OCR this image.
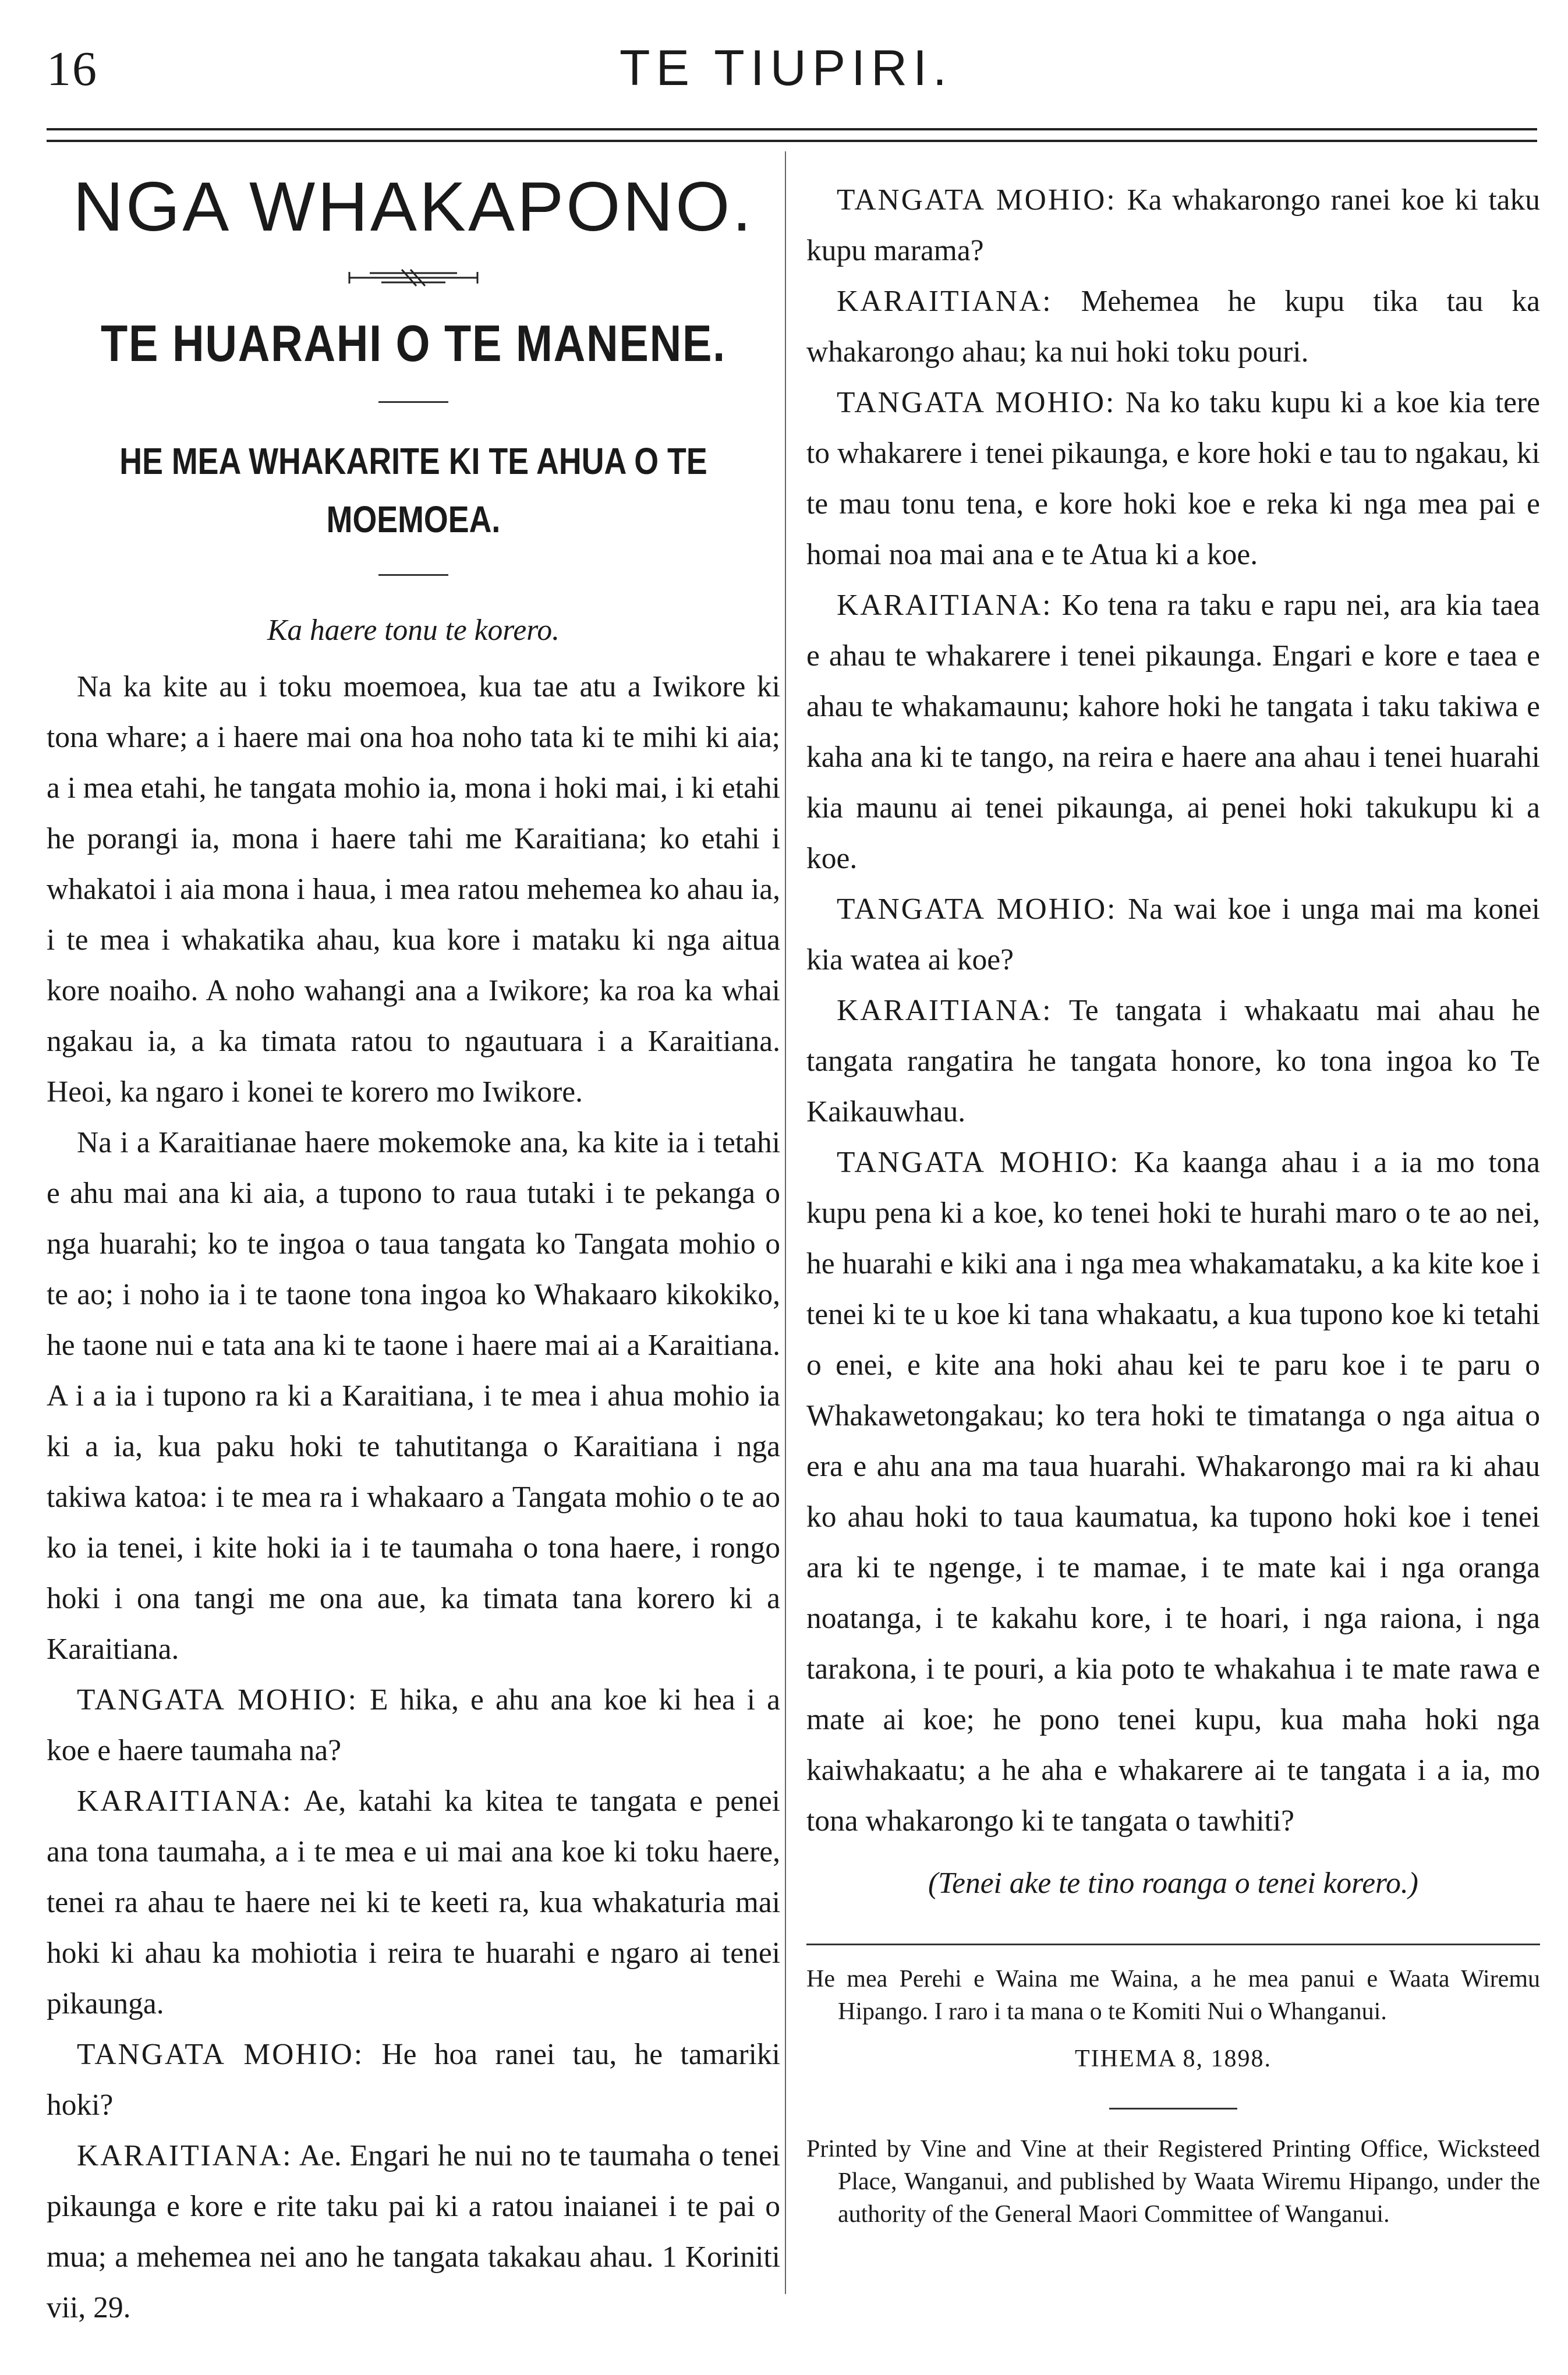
16	TE TIUPIRI.
NGA WHAKAPONO.
TE HUARAHI O TE MANENE.
HE MEA WHAKARITE KI TE AHUA O TE MOEMOEA.
Ka haere tonu te korero.

Na ka kite au i toku moemoea, kua tae atu a Iwikore ki tona whare; a i haere mai ona hoa noho tata ki te mihi ki aia; a i mea etahi, he tangata mohio ia, mona i hoki mai, i ki etahi he porangi ia, mona i haere tahi me Karaitiana; ko etahi i whakatoi i aia mona i haua, i mea ratou mehemea ko ahau ia, i te mea i whakatika ahau, kua kore i mataku ki nga aitua kore noaiho. A noho wahangi ana a Iwikore; ka roa ka whai ngakau ia, a ka timata ratou to ngautuara i a Karaitiana. Heoi, ka ngaro i konei te korero mo Iwikore.

Na i a Karaitianae haere mokemoke ana, ka kite ia i tetahi e ahu mai ana ki aia, a tupono to raua tutaki i te pekanga o nga huarahi; ko te ingoa o taua tangata ko Tangata mohio o te ao; i noho ia i te taone tona ingoa ko Whakaaro kikokiko, he taone nui e tata ana ki te taone i haere mai ai a Karaitiana. A i a ia i tupono ra ki a Karaitiana, i te mea i ahua mohio ia ki a ia, kua paku hoki te tahutitanga o Karaitiana i nga takiwa katoa: i te mea ra i whakaaro a Tangata mohio o te ao ko ia tenei, i kite hoki ia i te taumaha o tona haere, i rongo hoki i ona tangi me ona aue, ka timata tana korero ki a Karaitiana.

TANGATA MOHIO: E hika, e ahu ana koe ki hea i a koe e haere taumaha na?

KARAITIANA: Ae, katahi ka kitea te tangata e penei ana tona taumaha, a i te mea e ui mai ana koe ki toku haere, tenei ra ahau te haere nei ki te keeti ra, kua whakaturia mai hoki ki ahau ka mohiotia i reira te huarahi e ngaro ai tenei pikaunga.

TANGATA MOHIO: He hoa ranei tau, he tamariki hoki?

KARAITIANA: Ae. Engari he nui no te taumaha o tenei pikaunga e kore e rite taku pai ki a ratou inaianei i te pai o mua; a mehemea nei ano he tangata takakau ahau. 1 Koriniti vii, 29.

TANGATA MOHIO: Ka whakarongo ranei koe ki taku kupu marama?

KARAITIANA: Mehemea he kupu tika tau ka whakarongo ahau; ka nui hoki toku pouri.

TANGATA MOHIO: Na ko taku kupu ki a koe kia tere to whakarere i tenei pikaunga, e kore hoki e tau to ngakau, ki te mau tonu tena, e kore hoki koe e reka ki nga mea pai e homai noa mai ana e te Atua ki a koe.

KARAITIANA: Ko tena ra taku e rapu nei, ara kia taea e ahau te whakarere i tenei pikaunga. Engari e kore e taea e ahau te whakamaunu; kahore hoki he tangata i taku takiwa e kaha ana ki te tango, na reira e haere ana ahau i tenei huarahi kia maunu ai tenei pikaunga, ai penei hoki takukupu ki a koe.

TANGATA MOHIO: Na wai koe i unga mai ma konei kia watea ai koe?

KARAITIANA: Te tangata i whakaatu mai ahau he tangata rangatira he tangata honore, ko tona ingoa ko Te Kaikauwhau.

TANGATA MOHIO: Ka kaanga ahau i a ia mo tona kupu pena ki a koe, ko tenei hoki te hurahi maro o te ao nei, he huarahi e kiki ana i nga mea whakamataku, a ka kite koe i tenei ki te u koe ki tana whakaatu, a kua tupono koe ki tetahi o enei, e kite ana hoki ahau kei te paru koe i te paru o Whakawetongakau; ko tera hoki te timatanga o nga aitua o era e ahu ana ma taua huarahi. Whakarongo mai ra ki ahau ko ahau hoki to taua kaumatua, ka tupono hoki koe i tenei ara ki te ngenge, i te mamae, i te mate kai i nga oranga noatanga, i te kakahu kore, i te hoari, i nga raiona, i nga tarakona, i te pouri, a kia poto te whakahua i te mate rawa e mate ai koe; he pono tenei kupu, kua maha hoki nga kaiwhakaatu; a he aha e whakarere ai te tangata i a ia, mo tona whakarongo ki te tangata o tawhiti?

(Tenei ake te tino roanga o tenei korero.)

He mea Perehi e Waina me Waina, a he mea panui e Waata Wiremu Hipango. I raro i ta mana o te Komiti Nui o Whanganui.
TIHEMA 8, 1898.
Printed by Vine and Vine at their Registered Printing Office, Wicksteed Place, Wanganui, and published by Waata Wiremu Hipango, under the authority of the General Maori Committee of Wanganui.
